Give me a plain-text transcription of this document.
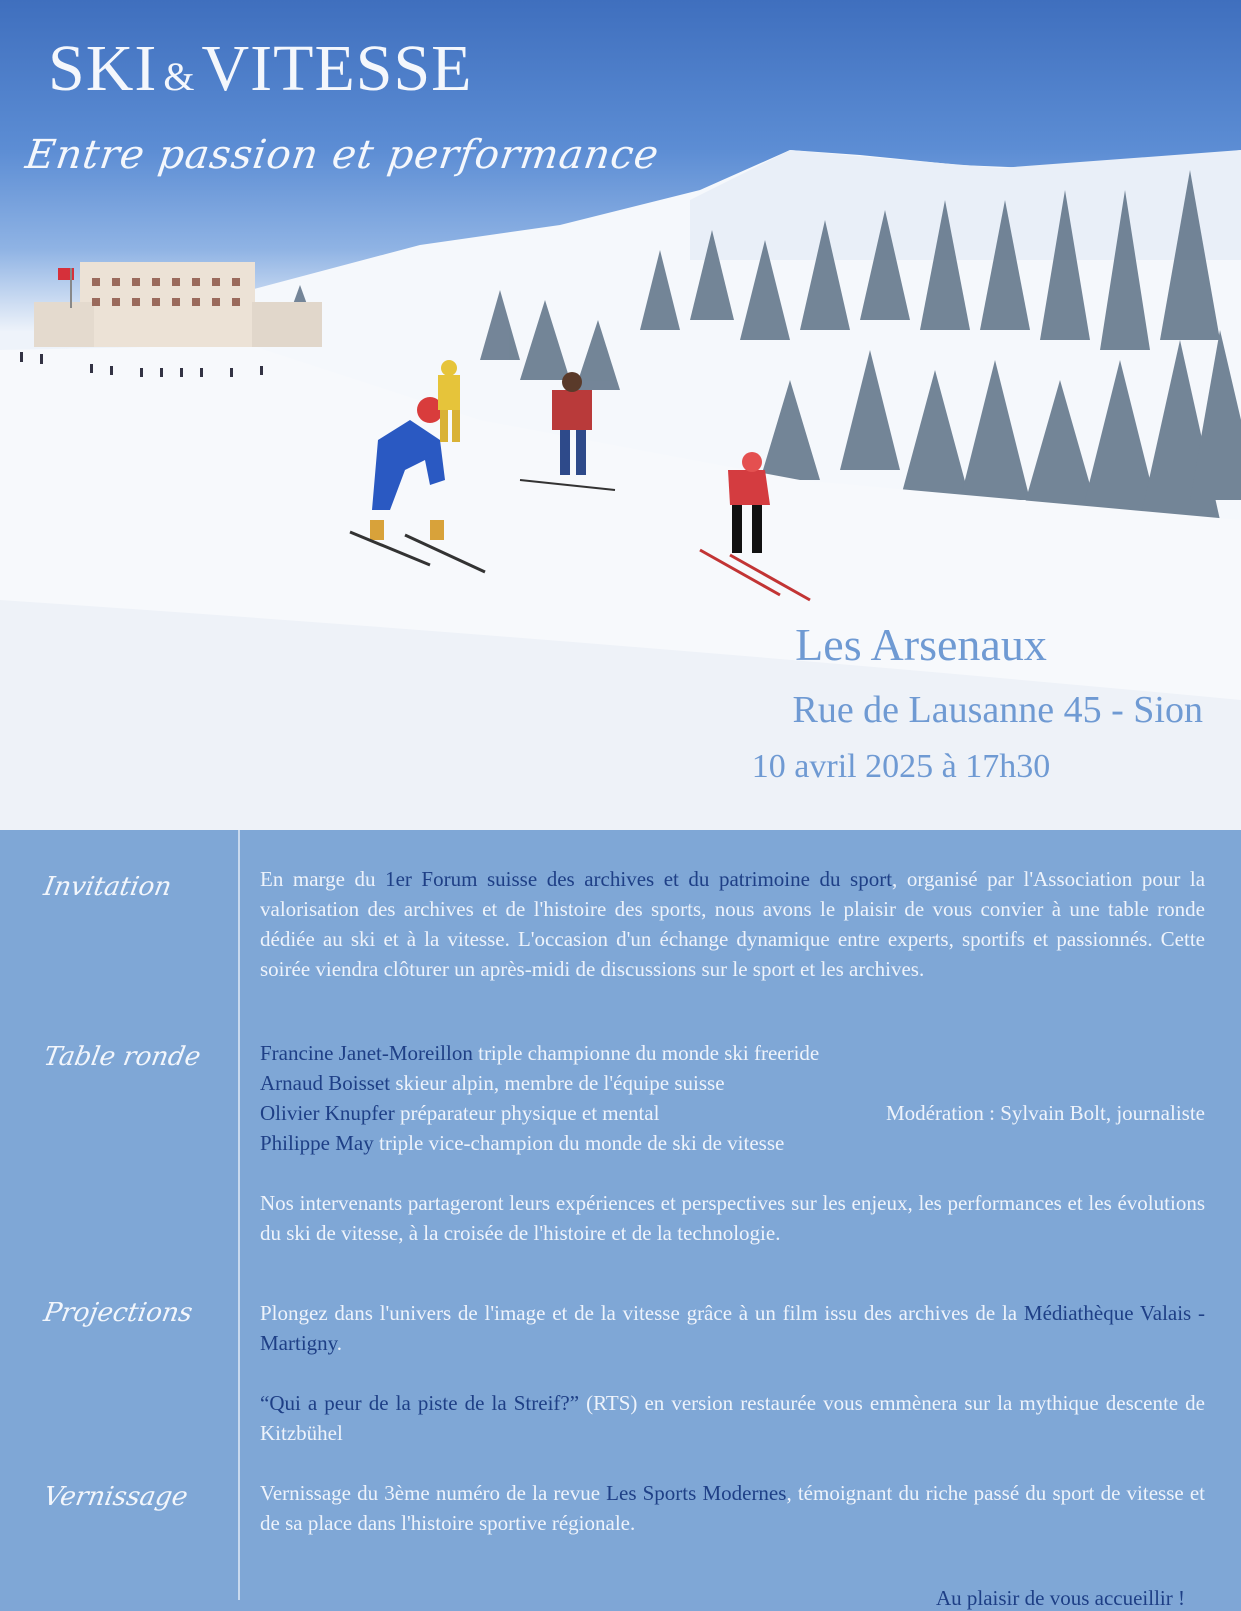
SKI &VITESSE
Entre passion et performance
Les Arsenaux
Rue de Lausanne 45 - Sion
10 avril 2025 à 17h30
Invitation	En marge du 1er Forum suisse des archives et du patrimoine du sport, organisé par l'Association pour la valorisation des archives et de l'histoire des sports, nous avons le plaisir de vous convier à une table ronde dédiée au ski et à la vitesse. L'occasion d'un échange dynamique entre experts, sportifs et passionnés. Cette soirée viendra clôturer un après-midi de discussions sur le sport et les archives.
Table ronde	Francine Janet-Moreillon triple championne du monde ski freeride
Arnaud Boisset skieur alpin, membre de l'équipe suisse
Olivier Knupfer préparateur physique et mental	Modération : Sylvain Bolt, journaliste
Philippe May triple vice-champion du monde de ski de vitesse
Nos intervenants partageront leurs expériences et perspectives sur les enjeux, les performances et les évolutions du ski de vitesse, à la croisée de l'histoire et de la technologie.
Projections	Plongez dans l'univers de l'image et de la vitesse grâce à un film issu des archives de la Médiathèque Valais - Martigny.
“Qui a peur de la piste de la Streif?” (RTS) en version restaurée vous emmènera sur la mythique descente de Kitzbühel
Vernissage	Vernissage du 3ème numéro de la revue Les Sports Modernes, témoignant du riche passé du sport de vitesse et de sa place dans l'histoire sportive régionale.
Au plaisir de vous accueillir !
